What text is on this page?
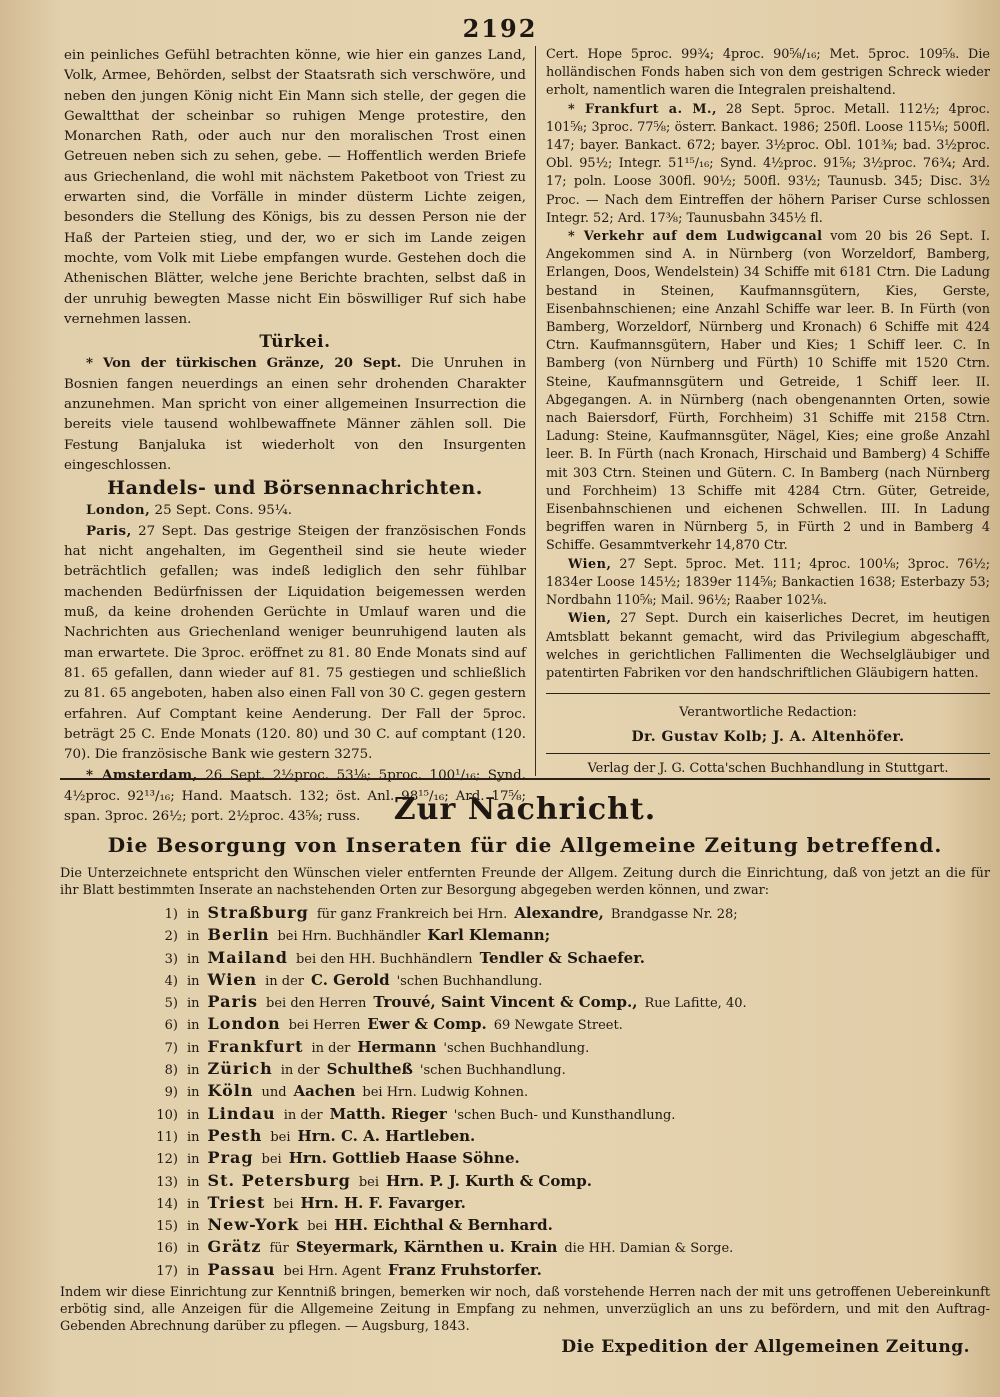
2192

ein peinliches Gefühl betrachten könne, wie hier ein ganzes Land, Volk, Armee, Behörden, selbst der Staatsrath sich verschwöre, und neben den jungen König nicht Ein Mann sich stelle, der gegen die Gewaltthat der scheinbar so ruhigen Menge protestire, den Monarchen Rath, oder auch nur den moralischen Trost einen Getreuen neben sich zu sehen, gebe. — Hoffentlich werden Briefe aus Griechenland, die wohl mit nächstem Paketboot von Triest zu erwarten sind, die Vorfälle in minder düsterm Lichte zeigen, besonders die Stellung des Königs, bis zu dessen Person nie der Haß der Parteien stieg, und der, wo er sich im Lande zeigen mochte, vom Volk mit Liebe empfangen wurde. Gestehen doch die Athenischen Blätter, welche jene Berichte brachten, selbst daß in der unruhig bewegten Masse nicht Ein böswilliger Ruf sich habe vernehmen lassen.

Türkei.

* Von der türkischen Gränze, 20 Sept. Die Unruhen in Bosnien fangen neuerdings an einen sehr drohenden Charakter anzunehmen. Man spricht von einer allgemeinen Insurrection die bereits viele tausend wohlbewaffnete Männer zählen soll. Die Festung Banjaluka ist wiederholt von den Insurgenten eingeschlossen.

Handels- und Börsennachrichten.

London, 25 Sept. Cons. 95¼.

Paris, 27 Sept. Das gestrige Steigen der französischen Fonds hat nicht angehalten, im Gegentheil sind sie heute wieder beträchtlich gefallen; was indeß lediglich den sehr fühlbar machenden Bedürfnissen der Liquidation beigemessen werden muß, da keine drohenden Gerüchte in Umlauf waren und die Nachrichten aus Griechenland weniger beunruhigend lauten als man erwartete. Die 3proc. eröffnet zu 81. 80 Ende Monats sind auf 81. 65 gefallen, dann wieder auf 81. 75 gestiegen und schließlich zu 81. 65 angeboten, haben also einen Fall von 30 C. gegen gestern erfahren. Auf Comptant keine Aenderung. Der Fall der 5proc. beträgt 25 C. Ende Monats (120. 80) und 30 C. auf comptant (120. 70). Die französische Bank wie gestern 3275.

* Amsterdam, 26 Sept. 2½proc. 53⅛; 5proc. 100¹/₁₆; Synd. 4½proc. 92¹³/₁₆; Hand. Maatsch. 132; öst. Anl. 98¹⁵/₁₆; Ard. 17⅝; span. 3proc. 26½; port. 2½proc. 43⅝; russ.

Cert. Hope 5proc. 99¾; 4proc. 90⅝/₁₆; Met. 5proc. 109⅝. Die holländischen Fonds haben sich von dem gestrigen Schreck wieder erholt, namentlich waren die Integralen preishaltend.

* Frankfurt a. M., 28 Sept. 5proc. Metall. 112½; 4proc. 101⅝; 3proc. 77⅝; österr. Bankact. 1986; 250fl. Loose 115⅛; 500fl. 147; bayer. Bankact. 672; bayer. 3½proc. Obl. 101⅜; bad. 3½proc. Obl. 95½; Integr. 51¹⁵/₁₆; Synd. 4½proc. 91⅝; 3½proc. 76¾; Ard. 17; poln. Loose 300fl. 90½; 500fl. 93½; Taunusb. 345; Disc. 3½ Proc. — Nach dem Eintreffen der höhern Pariser Curse schlossen Integr. 52; Ard. 17⅜; Taunusbahn 345½ fl.

* Verkehr auf dem Ludwigcanal vom 20 bis 26 Sept. I. Angekommen sind A. in Nürnberg (von Worzeldorf, Bamberg, Erlangen, Doos, Wendelstein) 34 Schiffe mit 6181 Ctrn. Die Ladung bestand in Steinen, Kaufmannsgütern, Kies, Gerste, Eisenbahnschienen; eine Anzahl Schiffe war leer. B. In Fürth (von Bamberg, Worzeldorf, Nürnberg und Kronach) 6 Schiffe mit 424 Ctrn. Kaufmannsgütern, Haber und Kies; 1 Schiff leer. C. In Bamberg (von Nürnberg und Fürth) 10 Schiffe mit 1520 Ctrn. Steine, Kaufmannsgütern und Getreide, 1 Schiff leer. II. Abgegangen. A. in Nürnberg (nach obengenannten Orten, sowie nach Baiersdorf, Fürth, Forchheim) 31 Schiffe mit 2158 Ctrn. Ladung: Steine, Kaufmannsgüter, Nägel, Kies; eine große Anzahl leer. B. In Fürth (nach Kronach, Hirschaid und Bamberg) 4 Schiffe mit 303 Ctrn. Steinen und Gütern. C. In Bamberg (nach Nürnberg und Forchheim) 13 Schiffe mit 4284 Ctrn. Güter, Getreide, Eisenbahnschienen und eichenen Schwellen. III. In Ladung begriffen waren in Nürnberg 5, in Fürth 2 und in Bamberg 4 Schiffe. Gesammtverkehr 14,870 Ctr.

Wien, 27 Sept. 5proc. Met. 111; 4proc. 100⅛; 3proc. 76½; 1834er Loose 145½; 1839er 114⅝; Bankactien 1638; Esterbazy 53; Nordbahn 110⅝; Mail. 96½; Raaber 102⅛.

Wien, 27 Sept. Durch ein kaiserliches Decret, im heutigen Amtsblatt bekannt gemacht, wird das Privilegium abgeschafft, welches in gerichtlichen Fallimenten die Wechselgläubiger und patentirten Fabriken vor den handschriftlichen Gläubigern hatten.

Verantwortliche Redaction:

Dr. Gustav Kolb; J. A. Altenhöfer.

Verlag der J. G. Cotta'schen Buchhandlung in Stuttgart.

Zur Nachricht.
Die Besorgung von Inseraten für die Allgemeine Zeitung betreffend.
Die Unterzeichnete entspricht den Wünschen vieler entfernten Freunde der Allgem. Zeitung durch die Einrichtung, daß von jetzt an die für ihr Blatt bestimmten Inserate an nachstehenden Orten zur Besorgung abgegeben werden können, und zwar:
1) in Straßburg für ganz Frankreich bei Hrn. Alexandre, Brandgasse Nr. 28;
2) in Berlin bei Hrn. Buchhändler Karl Klemann;
3) in Mailand bei den HH. Buchhändlern Tendler & Schaefer.
4) in Wien in der C. Gerold 'schen Buchhandlung.
5) in Paris bei den Herren Trouvé, Saint Vincent & Comp., Rue Lafitte, 40.
6) in London bei Herren Ewer & Comp. 69 Newgate Street.
7) in Frankfurt in der Hermann 'schen Buchhandlung.
8) in Zürich in der Schultheß 'schen Buchhandlung.
9) in Köln und Aachen bei Hrn. Ludwig Kohnen.
10) in Lindau in der Matth. Rieger 'schen Buch- und Kunsthandlung.
11) in Pesth bei Hrn. C. A. Hartleben.
12) in Prag bei Hrn. Gottlieb Haase Söhne.
13) in St. Petersburg bei Hrn. P. J. Kurth & Comp.
14) in Triest bei Hrn. H. F. Favarger.
15) in New-York bei HH. Eichthal & Bernhard.
16) in Grätz für Steyermark, Kärnthen u. Krain die HH. Damian & Sorge.
17) in Passau bei Hrn. Agent Franz Fruhstorfer.
Indem wir diese Einrichtung zur Kenntniß bringen, bemerken wir noch, daß vorstehende Herren nach der mit uns getroffenen Uebereinkunft erbötig sind, alle Anzeigen für die Allgemeine Zeitung in Empfang zu nehmen, unverzüglich an uns zu befördern, und mit den Auftrag-Gebenden Abrechnung darüber zu pflegen. — Augsburg, 1843.
Die Expedition der Allgemeinen Zeitung.
